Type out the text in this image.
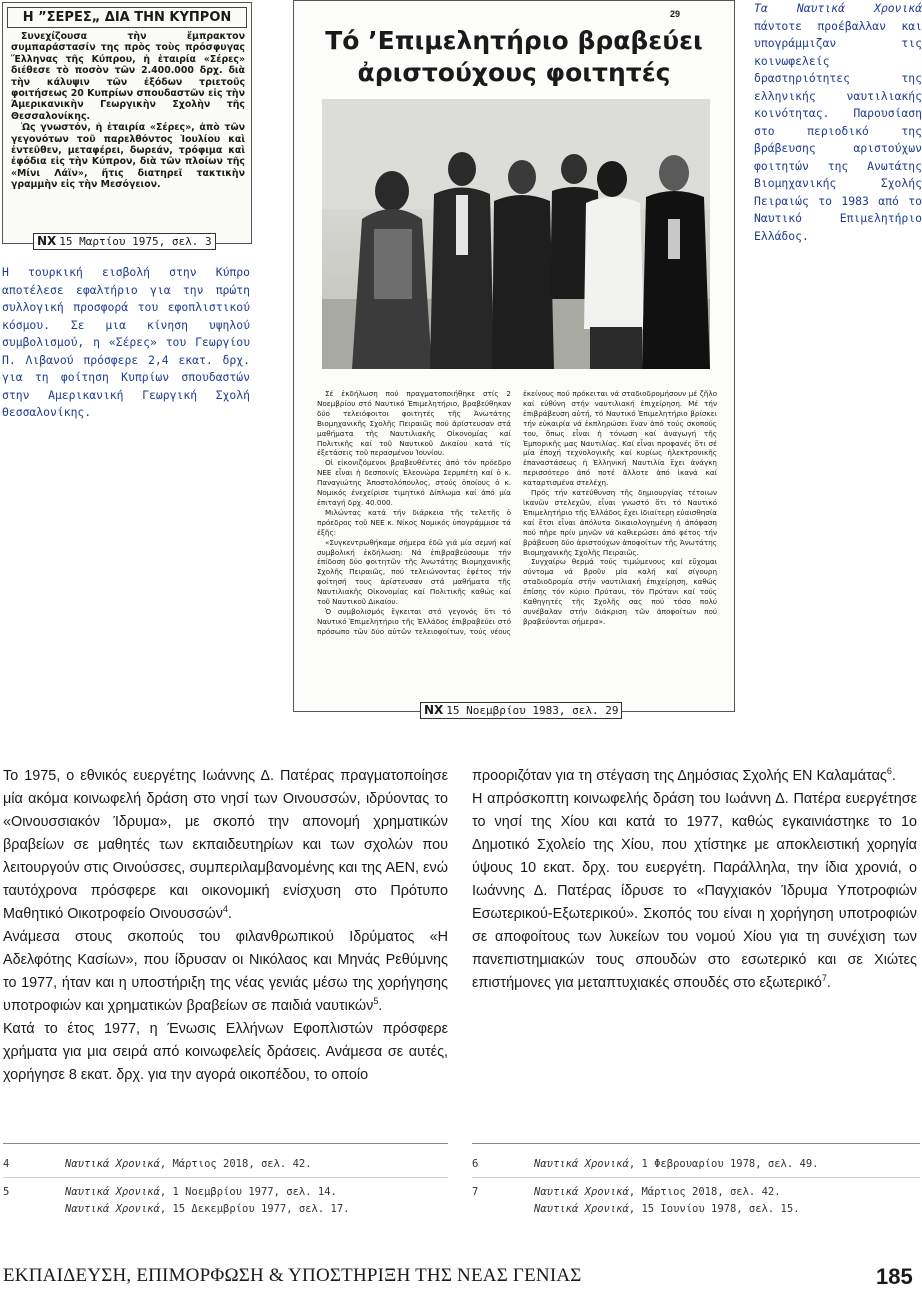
Η ”ΣΕΡΕΣ„ ΔΙΑ ΤΗΝ ΚΥΠΡΟΝ

Συνεχίζουσα τὴν ἔμπρακτον συμπαράστασίν της πρὸς τοὺς πρόσφυγας Ἕλληνας τῆς Κύπρου, ἡ ἑταιρία «Σέρες» διέθεσε τὸ ποσὸν τῶν 2.400.000 δρχ. διὰ τὴν κάλυψιν τῶν ἐξόδων τριετοῦς φοιτήσεως 20 Κυπρίων σπουδαστῶν εἰς τὴν Ἀμερικανικὴν Γεωργικὴν Σχολὴν τῆς Θεσσαλονίκης.

Ὡς γνωστόν, ἡ ἑταιρία «Σέρες», ἀπὸ τῶν γεγονότων τοῦ παρελθόντος Ἰουλίου καὶ ἐντεῦθεν, μεταφέρει, δωρεάν, τρόφιμα καὶ ἐφόδια εἰς τὴν Κύπρον, διὰ τῶν πλοίων τῆς «Μίνι Λάϊν», ἤτις διατηρεῖ τακτικὴν γραμμὴν εἰς τὴν Μεσόγειον.

NX 15 Μαρτίου 1975, σελ. 3
Η τουρκική εισβολή στην Κύπρο αποτέλεσε εφαλτήριο για την πρώτη συλλογική προσφορά του εφοπλιστικού κόσμου. Σε μια κίνηση υψηλού συμβολισμού, η «Σέρες» του Γεωργίου Π. Λιβανού πρόσφερε 2,4 εκατ. δρχ. για τη φοίτηση Κυπρίων σπουδαστών στην Αμερικανική Γεωργική Σχολή Θεσσαλονίκης.
Τα Ναυτικά Χρονικά πάντοτε προέβαλλαν και υπογράμμιζαν τις κοινωφελείς δραστηριότητες της ελληνικής ναυτιλιακής κοινότητας. Παρουσίαση στο περιοδικό της βράβευσης αριστούχων φοιτητών της Ανωτάτης Βιομηχανικής Σχολής Πειραιώς το 1983 από το Ναυτικό Επιμελητήριο Ελλάδος.
29
Τό ’Επιμελητήριο βραβεύει
ἀριστούχους φοιτητές

Σέ ἐκδήλωση πού πραγματοποιήθηκε στίς 2 Νοεμβρίου στό Ναυτικό Ἐπιμελητήριο, βραβεύθηκαν δύο τελειόφοιτοι φοιτητές τῆς Ἀνωτάτης Βιομηχανικῆς Σχολῆς Πειραιῶς πού ἀρίστευσαν στά μαθήματα τῆς Ναυτιλιακῆς Οἰκονομίας καί Πολιτικῆς καί τοῦ Ναυτικοῦ Δικαίου κατά τίς ἐξετάσεις τοῦ περασμένου Ἰουνίου.

Οἱ εἰκονιζόμενοι βραβευθέντες ἀπό τόν πρόεδρο ΝΕΕ εἶναι ἡ δεσποινίς Ἐλεονώρα Σερμπέτη καί ὁ κ. Παναγιώτης Ἀποστολόπουλος, στούς ὁποίους ὁ κ. Νομικός ἐνεχείρισε τιμητικό Δίπλωμα καί ἀπό μία ἐπιταγή δρχ. 40.000.

Μιλώντας κατά τήν διάρκεια τῆς τελετῆς ὁ πρόεδρος τοῦ ΝΕΕ κ. Νίκος Νομικός ὑπογράμμισε τά ἑξῆς:

«Συγκεντρωθήκαμε σήμερα ἐδῶ γιά μία σεμνή καί συμβολική ἐκδήλωση: Νά ἐπιβραβεύσουμε τήν ἐπίδοση δύο φοιτητῶν τῆς Ἀνωτάτης Βιομηχανικῆς Σχολῆς Πειραιῶς, πού τελειώνοντας ἐφέτος τήν φοίτησή τους ἀρίστευσαν στά μαθήματα τῆς Ναυτιλιακῆς Οἰκονομίας καί Πολιτικῆς καθώς καί τοῦ Ναυτικοῦ Δικαίου.

Ὁ συμβολισμός ἔγκειται στό γεγονός ὅτι τό Ναυτικό Ἐπιμελητήριο τῆς Ἑλλάδος ἐπιβραβεύει στό πρόσωπο τῶν δύο αὐτῶν τελειοφοίτων, τούς νέους ἐκείνους πού πρόκειται νά σταδιοδρομήσουν μέ ζῆλο καί εὐθύνη στήν ναυτιλιακή ἐπιχείρηση. Μέ τήν ἐπιβράβευση αὐτή, τό Ναυτικό Ἐπιμελητήριο βρίσκει τήν εὐκαιρία νά ἐκπληρώσει ἕναν ἀπό τούς σκοπούς του, ὅπως εἶναι ἡ τόνωση καί ἀναγωγή τῆς Ἐμπορικῆς μας Ναυτιλίας. Καί εἶναι προφανές ὅτι σέ μία ἐποχή τεχνολογικῆς καί κυρίως ἠλεκτρονικῆς ἐπαναστάσεως ἡ Ἑλληνική Ναυτιλία ἔχει ἀνάγκη περισσότερο ἀπό ποτέ ἄλλοτε ἀπό ἱκανά καί καταρτισμένα στελέχη.

Πρός τήν κατεύθυνση τῆς δημιουργίας τέτοιων ἱκανῶν στελεχῶν, εἶναι γνωστό ὅτι τό Ναυτικό Ἐπιμελητήριο τῆς Ἑλλάδος ἔχει ἰδιαίτερη εὐαισθησία καί ἔτσι εἶναι ἀπόλυτα δικαιολογημένη ἡ ἀπόφαση πού πῆρε πρίν μηνῶν νά καθιερώσει ἀπό φέτος τήν βράβευση δύο ἀριστούχων ἀποφοίτων τῆς Ἀνωτάτης Βιομηχανικῆς Σχολῆς Πειραιῶς.

Συγχαίρω θερμά τούς τιμώμενους καί εὔχομαι σύντομα νά βροῦν μία καλή καί σίγουρη σταδιοδρομία στήν ναυτιλιακή ἐπιχείρηση, καθώς ἐπίσης τόν κύριο Πρύτανι, τόν Πρύτανι καί τούς Καθηγητές τῆς Σχολῆς σας πού τόσο πολύ συνέβαλαν στήν διάκριση τῶν ἀποφοίτων πού βραβεύονται σήμερα».

NX 15 Νοεμβρίου 1983, σελ. 29

Το 1975, ο εθνικός ευεργέτης Ιωάννης Δ. Πατέρας πραγματοποίησε μία ακόμα κοινωφελή δράση στο νησί των Οινουσσών, ιδρύοντας το «Οινουσσιακόν Ίδρυμα», με σκοπό την απονομή χρηματικών βραβείων σε μαθητές των εκπαιδευτηρίων και των σχολών που λειτουργούν στις Οινούσσες, συμπεριλαμβανομένης και της ΑΕΝ, ενώ ταυτόχρονα πρόσφερε και οικονομική ενίσχυση στο Πρότυπο Μαθητικό Οικοτροφείο Οινουσσών$^4$.

Ανάμεσα στους σκοπούς του φιλανθρωπικού Ιδρύματος «Η Αδελφότης Κασίων», που ίδρυσαν οι Νικόλαος και Μηνάς Ρεθύμνης το 1977, ήταν και η υποστήριξη της νέας γενιάς μέσω της χορήγησης υποτροφιών και χρηματικών βραβείων σε παιδιά ναυτικών$^5$.

Κατά το έτος 1977, η Ένωσις Ελλήνων Εφοπλιστών πρόσφερε χρήματα για μια σειρά από κοινωφελείς δράσεις. Ανάμεσα σε αυτές, χορήγησε 8 εκατ. δρχ. για την αγορά οικοπέδου, το οποίο

προοριζόταν για τη στέγαση της Δημόσιας Σχολής ΕΝ Καλαμάτας$^6$.

Η απρόσκοπτη κοινωφελής δράση του Ιωάννη Δ. Πατέρα ευεργέτησε το νησί της Χίου και κατά το 1977, καθώς εγκαινιάστηκε το 1ο Δημοτικό Σχολείο της Χίου, που χτίστηκε με αποκλειστική χορηγία ύψους 10 εκατ. δρχ. του ευεργέτη. Παράλληλα, την ίδια χρονιά, ο Ιωάννης Δ. Πατέρας ίδρυσε το «Παγχιακόν Ίδρυμα Υποτροφιών Εσωτερικού-Εξωτερικού». Σκοπός του είναι η χορήγηση υποτροφιών σε αποφοίτους των λυκείων του νομού Χίου για τη συνέχιση των πανεπιστημιακών τους σπουδών στο εσωτερικό και σε Χιώτες επιστήμονες για μεταπτυχιακές σπουδές στο εξωτερικό$^7$.

4	Ναυτικά Χρονικά, Μάρτιος 2018, σελ. 42.
5	Ναυτικά Χρονικά, 1 Νοεμβρίου 1977, σελ. 14.
Ναυτικά Χρονικά, 15 Δεκεμβρίου 1977, σελ. 17.
6	Ναυτικά Χρονικά, 1 Φεβρουαρίου 1978, σελ. 49.
7	Ναυτικά Χρονικά, Μάρτιος 2018, σελ. 42.
Ναυτικά Χρονικά, 15 Ιουνίου 1978, σελ. 15.
ΕΚΠΑΙΔΕΥΣΗ, ΕΠΙΜΟΡΦΩΣΗ & ΥΠΟΣΤΗΡΙΞΗ ΤΗΣ ΝΕΑΣ ΓΕΝΙΑΣ	185
